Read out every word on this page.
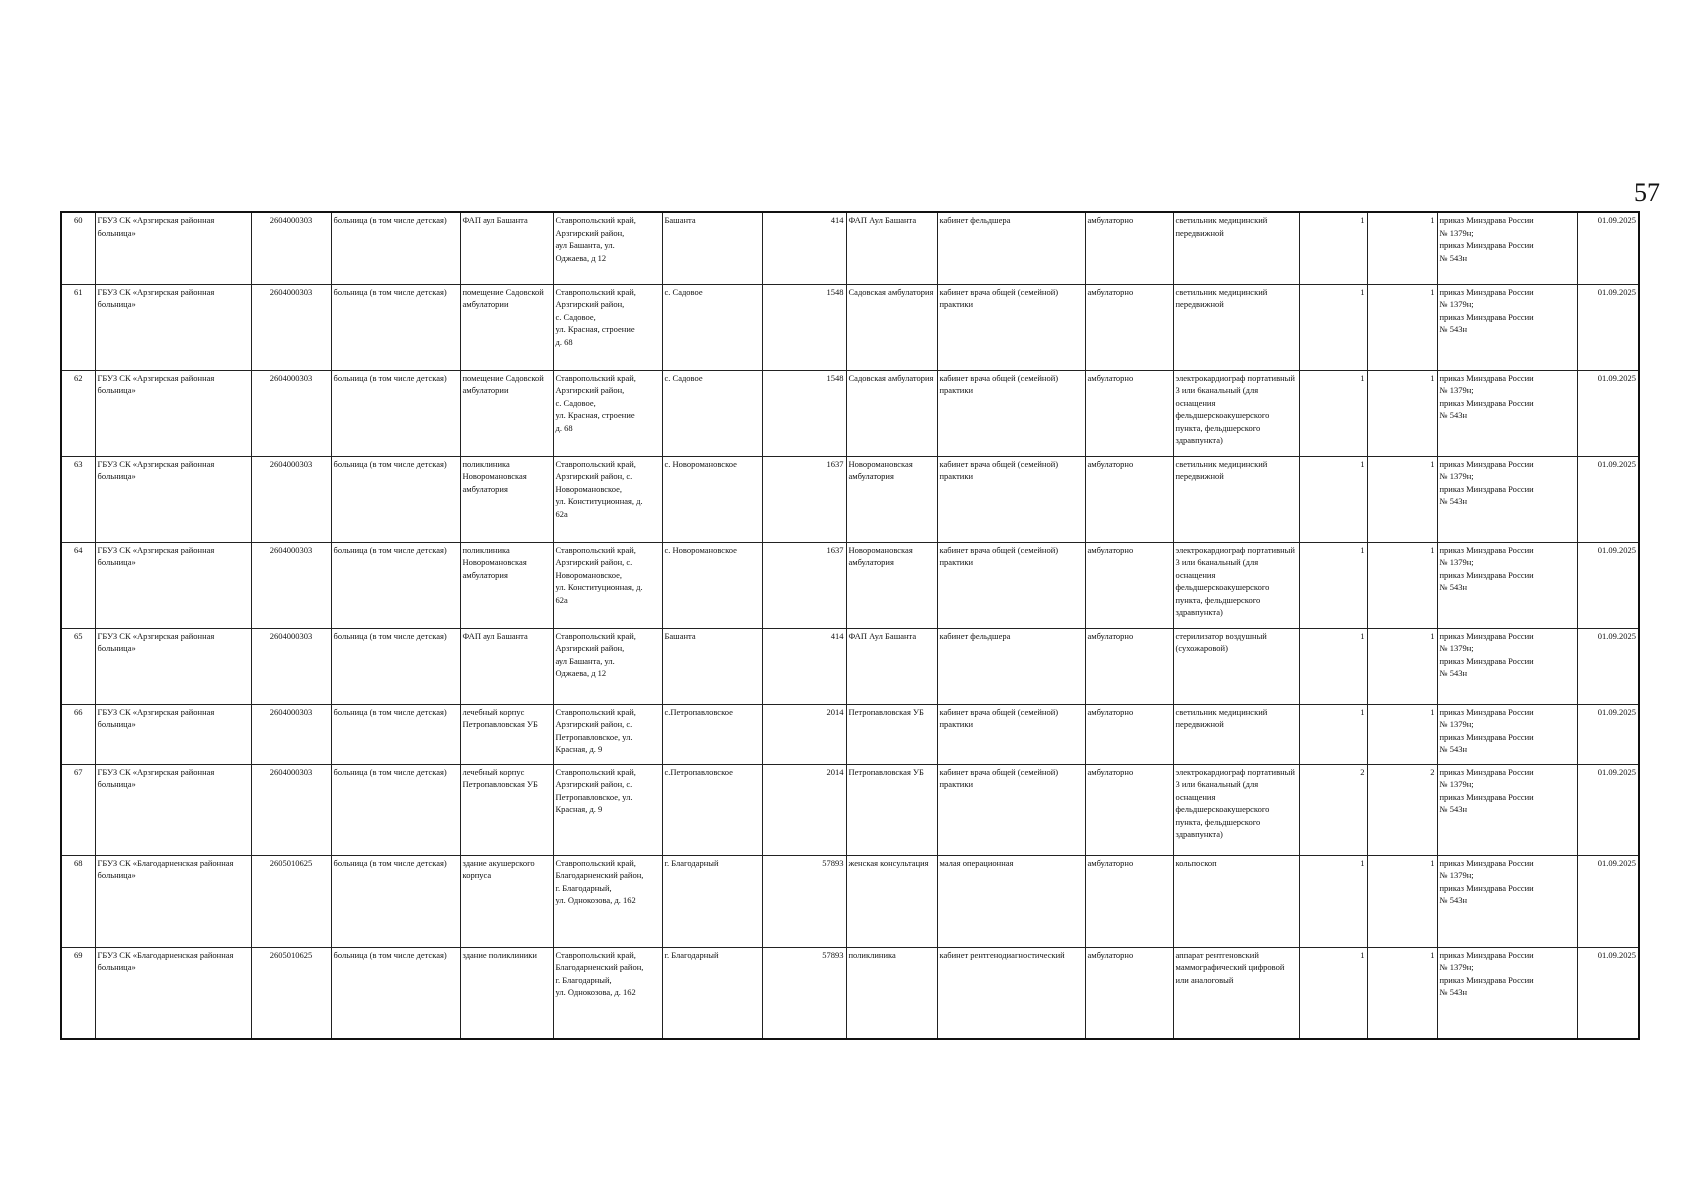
57
60	ГБУЗ СК «Арзгирская районная больница»	2604000303	больница (в том числе детская)	ФАП аул Башанта	Ставропольский край,
Арзгирский район,
аул Башанта, ул.
Оджаева, д 12	Башанта	414	ФАП Аул Башанта	кабинет фельдшера	амбулаторно	светильник медицинский передвижной	1	1	приказ Минздрава России
№ 1379н;
приказ Минздрава России
№ 543н	01.09.2025
61	ГБУЗ СК «Арзгирская районная больница»	2604000303	больница (в том числе детская)	помещение Садовской амбулатории	Ставропольский край,
Арзгирский район,
с. Садовое,
ул. Красная, строение
д. 68	с. Садовое	1548	Садовская амбулатория	кабинет врача общей (семейной) практики	амбулаторно	светильник медицинский передвижной	1	1	приказ Минздрава России
№ 1379н;
приказ Минздрава России
№ 543н	01.09.2025
62	ГБУЗ СК «Арзгирская районная больница»	2604000303	больница (в том числе детская)	помещение Садовской амбулатории	Ставропольский край,
Арзгирский район,
с. Садовое,
ул. Красная, строение
д. 68	с. Садовое	1548	Садовская амбулатория	кабинет врача общей (семейной) практики	амбулаторно	электрокардиограф портативный 3 или 6канальный (для оснащения фельдшерскоакушерского пункта, фельдшерского здравпункта)	1	1	приказ Минздрава России
№ 1379н;
приказ Минздрава России
№ 543н	01.09.2025
63	ГБУЗ СК «Арзгирская районная больница»	2604000303	больница (в том числе детская)	поликлиника Новоромановская амбулатория	Ставропольский край,
Арзгирский район, с.
Новоромановское,
ул. Конституционная, д.
62а	с. Новоромановское	1637	Новоромановская амбулатория	кабинет врача общей (семейной) практики	амбулаторно	светильник медицинский передвижной	1	1	приказ Минздрава России
№ 1379н;
приказ Минздрава России
№ 543н	01.09.2025
64	ГБУЗ СК «Арзгирская районная больница»	2604000303	больница (в том числе детская)	поликлиника Новоромановская амбулатория	Ставропольский край,
Арзгирский район, с.
Новоромановское,
ул. Конституционная, д.
62а	с. Новоромановское	1637	Новоромановская амбулатория	кабинет врача общей (семейной) практики	амбулаторно	электрокардиограф портативный 3 или 6канальный (для оснащения фельдшерскоакушерского пункта, фельдшерского здравпункта)	1	1	приказ Минздрава России
№ 1379н;
приказ Минздрава России
№ 543н	01.09.2025
65	ГБУЗ СК «Арзгирская районная больница»	2604000303	больница (в том числе детская)	ФАП аул Башанта	Ставропольский край,
Арзгирский район,
аул Башанта, ул.
Оджаева, д 12	Башанта	414	ФАП Аул Башанта	кабинет фельдшера	амбулаторно	стерилизатор воздушный (сухожаровой)	1	1	приказ Минздрава России
№ 1379н;
приказ Минздрава России
№ 543н	01.09.2025
66	ГБУЗ СК «Арзгирская районная больница»	2604000303	больница (в том числе детская)	лечебный корпус Петропавловская УБ	Ставропольский край,
Арзгирский район, с.
Петропавловское, ул.
Красная, д. 9	с.Петропавловское	2014	Петропавловская УБ	кабинет врача общей (семейной) практики	амбулаторно	светильник медицинский передвижной	1	1	приказ Минздрава России
№ 1379н;
приказ Минздрава России
№ 543н	01.09.2025
67	ГБУЗ СК «Арзгирская районная больница»	2604000303	больница (в том числе детская)	лечебный корпус Петропавловская УБ	Ставропольский край,
Арзгирский район, с.
Петропавловское, ул.
Красная, д. 9	с.Петропавловское	2014	Петропавловская УБ	кабинет врача общей (семейной) практики	амбулаторно	электрокардиограф портативный 3 или 6канальный (для оснащения фельдшерскоакушерского пункта, фельдшерского здравпункта)	2	2	приказ Минздрава России
№ 1379н;
приказ Минздрава России
№ 543н	01.09.2025
68	ГБУЗ СК «Благодарненская районная больница»	2605010625	больница (в том числе детская)	здание акушерского корпуса	Ставропольский край,
Благодарненский район,
г. Благодарный,
ул. Однокозова, д. 162	г. Благодарный	57893	женская консультация	малая операционная	амбулаторно	кольпоскоп	1	1	приказ Минздрава России
№ 1379н;
приказ Минздрава России
№ 543н	01.09.2025
69	ГБУЗ СК «Благодарненская районная больница»	2605010625	больница (в том числе детская)	здание поликлиники	Ставропольский край,
Благодарненский район,
г. Благодарный,
ул. Однокозова, д. 162	г. Благодарный	57893	поликлиника	кабинет рентгенодиагностический	амбулаторно	аппарат рентгеновский маммографический цифровой или аналоговый	1	1	приказ Минздрава России
№ 1379н;
приказ Минздрава России
№ 543н	01.09.2025
